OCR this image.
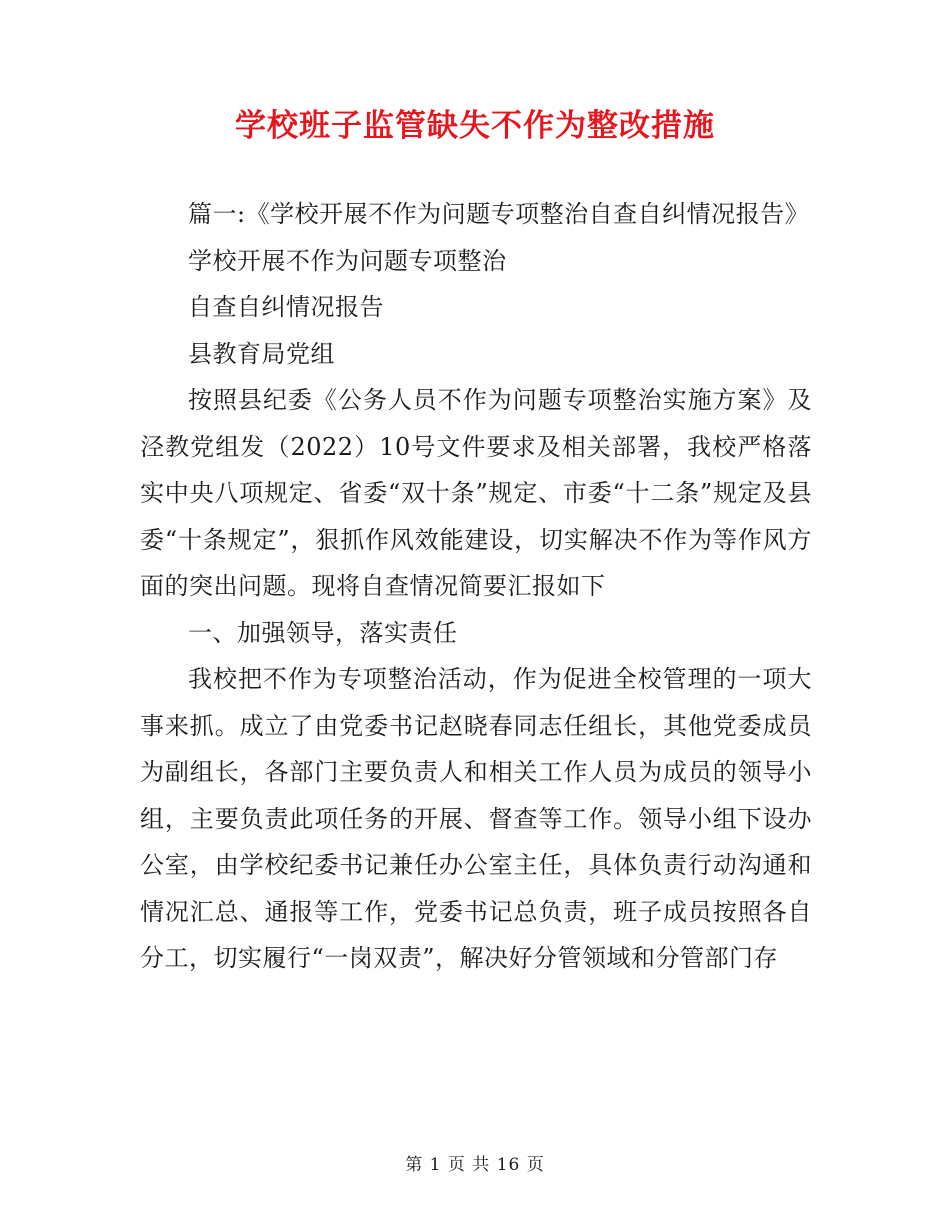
学校班子监管缺失不作为整改措施

篇一:《学校开展不作为问题专项整治自查自纠情况报告》

学校开展不作为问题专项整治

自查自纠情况报告

县教育局党组

按照县纪委《公务人员不作为问题专项整治实施方案》及泾教党组发（2022）10号文件要求及相关部署，我校严格落实中央八项规定、省委“双十条”规定、市委“十二条”规定及县委“十条规定”，狠抓作风效能建设，切实解决不作为等作风方面的突出问题。现将自查情况简要汇报如下

一、加强领导，落实责任

我校把不作为专项整治活动，作为促进全校管理的一项大事来抓。成立了由党委书记赵晓春同志任组长，其他党委成员为副组长，各部门主要负责人和相关工作人员为成员的领导小组，主要负责此项任务的开展、督查等工作。领导小组下设办公室，由学校纪委书记兼任办公室主任，具体负责行动沟通和情况汇总、通报等工作，党委书记总负责，班子成员按照各自分工，切实履行“一岗双责”，解决好分管领域和分管部门存

第 1 页 共 16 页
